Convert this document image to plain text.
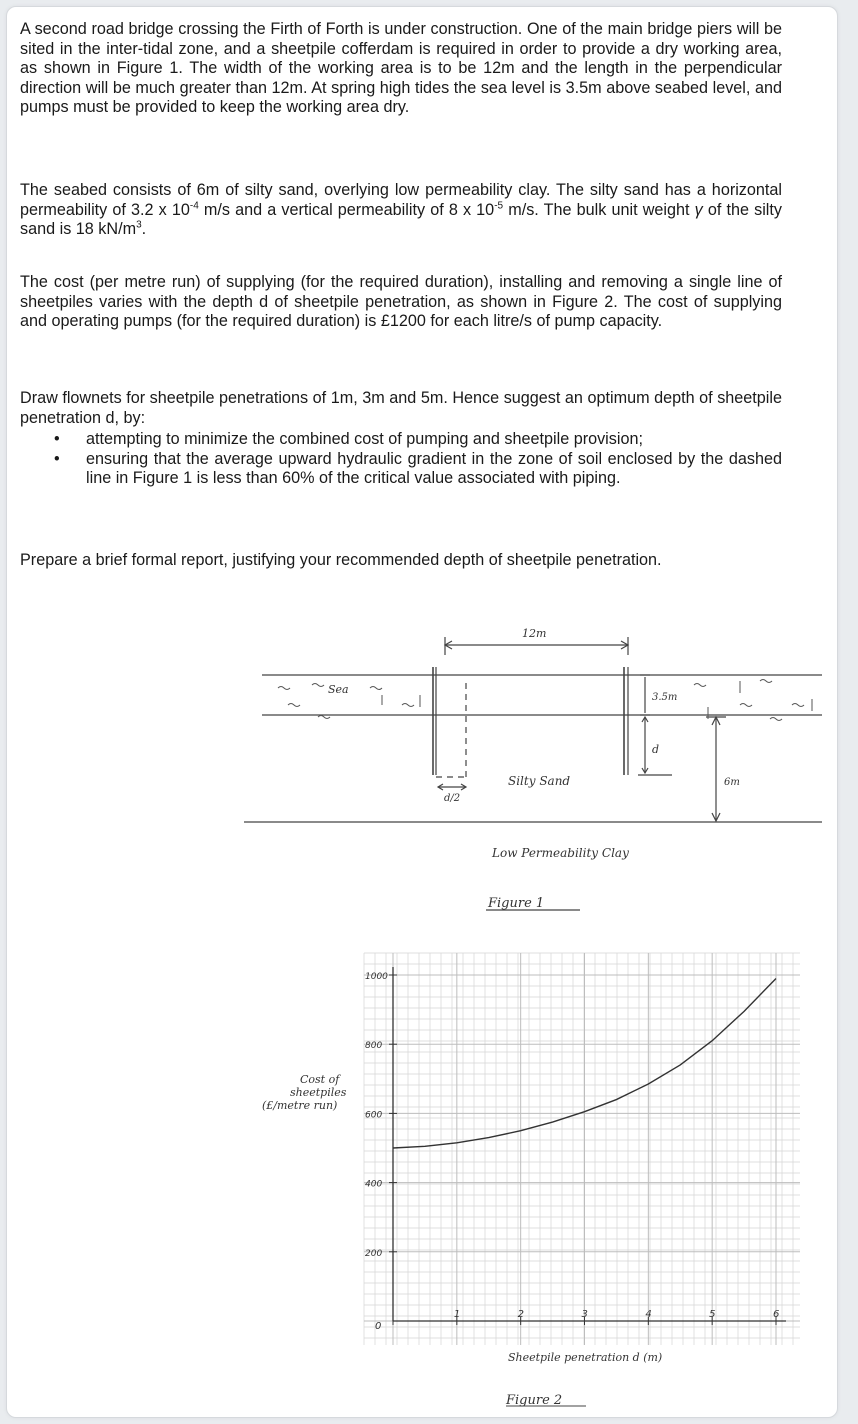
A second road bridge crossing the Firth of Forth is under construction. One of the main bridge piers will be sited in the inter-tidal zone, and a sheetpile cofferdam is required in order to provide a dry working area, as shown in Figure 1. The width of the working area is to be 12m and the length in the perpendicular direction will be much greater than 12m. At spring high tides the sea level is 3.5m above seabed level, and pumps must be provided to keep the working area dry.

The seabed consists of 6m of silty sand, overlying low permeability clay. The silty sand has a horizontal permeability of 3.2 x $10^{-4}$ m/s and a vertical permeability of 8 x $10^{-5}$ m/s. The bulk unit weight γ of the silty sand is 18 $kN/m^3$.

The cost (per metre run) of supplying (for the required duration), installing and removing a single line of sheetpiles varies with the depth d of sheetpile penetration, as shown in Figure 2. The cost of supplying and operating pumps (for the required duration) is £1200 for each litre/s of pump capacity.

Draw flownets for sheetpile penetrations of 1m, 3m and 5m. Hence suggest an optimum depth of sheetpile penetration d, by:

• attempting to minimize the combined cost of pumping and sheetpile provision;
• ensuring that the average upward hydraulic gradient in the zone of soil enclosed by the dashed line in Figure 1 is less than 60% of the critical value associated with piping.

Prepare a brief formal report, justifying your recommended depth of sheetpile penetration.

Sea
12m
3.5m
d
d/2
Silty Sand	6m
Low Permeability Clay
Figure 1
0
1	2	3	4	5	6
200
400
600
800
1000
Cost of sheetpiles (£/metre run)
Sheetpile penetration d (m)
Figure 2
